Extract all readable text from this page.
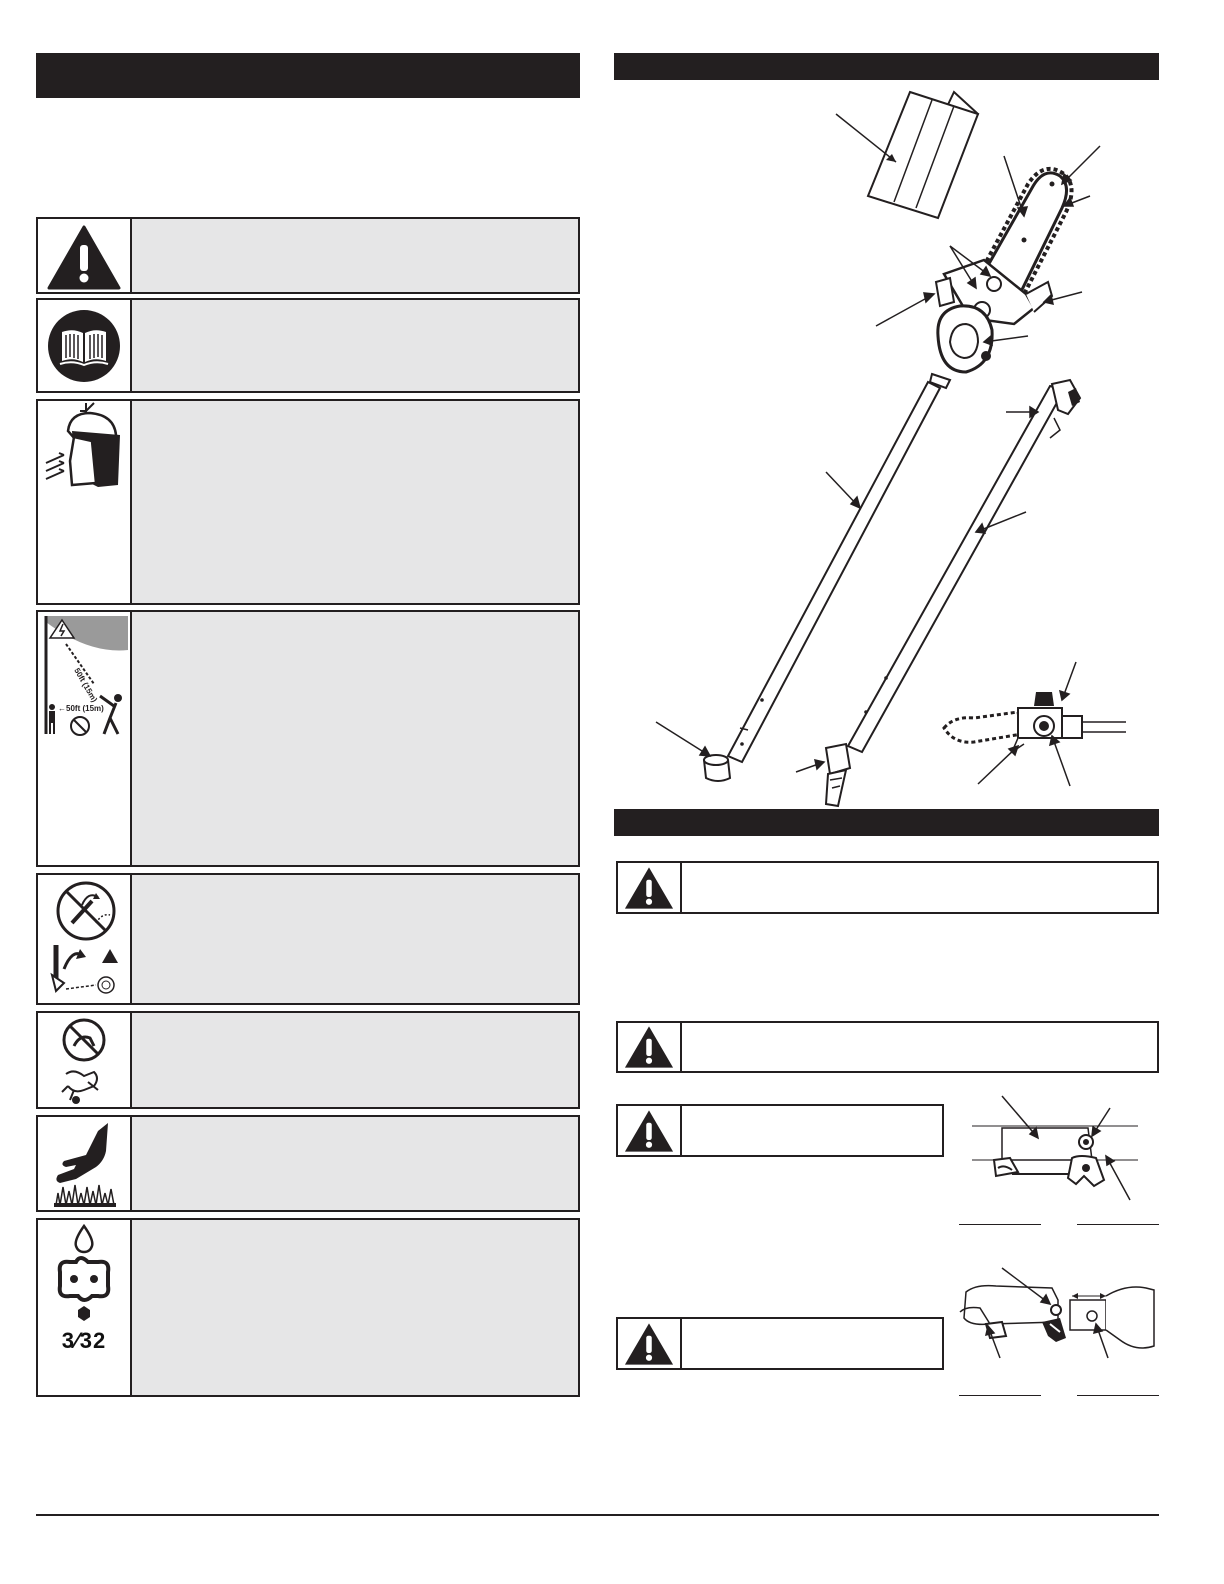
50ft (15m)
←50ft (15m)
3⁄32
